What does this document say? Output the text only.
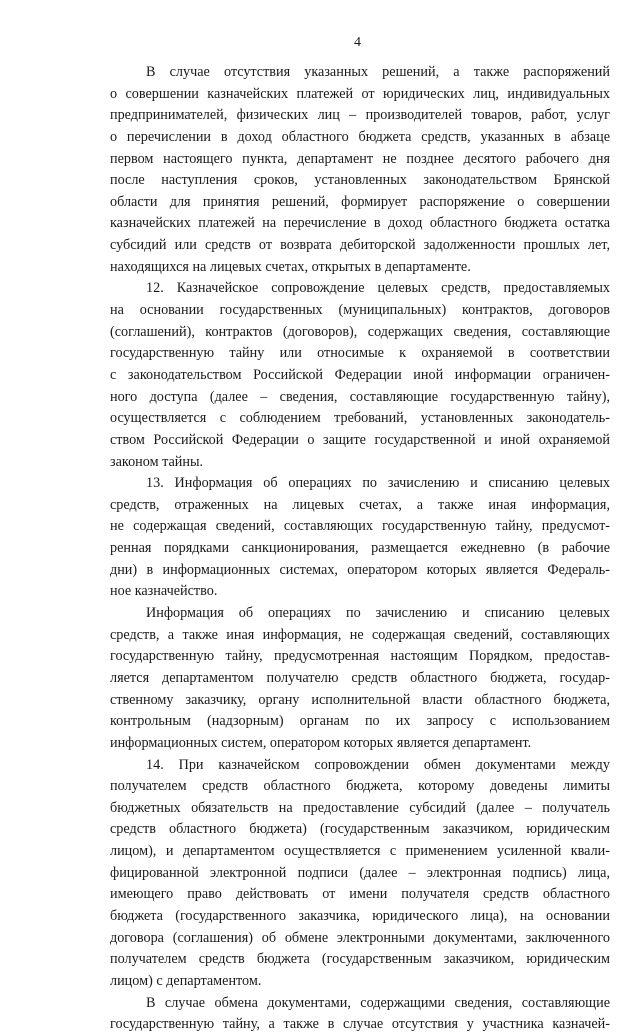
4
В случае отсутствия указанных решений, а также распоряжений
о совершении казначейских платежей от юридических лиц, индивидуальных
предпринимателей, физических лиц – производителей товаров, работ, услуг
о перечислении в доход областного бюджета средств, указанных в абзаце
первом настоящего пункта, департамент не позднее десятого рабочего дня
после наступления сроков, установленных законодательством Брянской
области для принятия решений, формирует распоряжение о совершении
казначейских платежей на перечисление в доход областного бюджета остатка
субсидий или средств от возврата дебиторской задолженности прошлых лет,
находящихся на лицевых счетах, открытых в департаменте.
12. Казначейское сопровождение целевых средств, предоставляемых
на основании государственных (муниципальных) контрактов, договоров
(соглашений), контрактов (договоров), содержащих сведения, составляющие
государственную тайну или относимые к охраняемой в соответствии
с законодательством Российской Федерации иной информации ограничен-
ного доступа (далее – сведения, составляющие государственную тайну),
осуществляется с соблюдением требований, установленных законодатель-
ством Российской Федерации о защите государственной и иной охраняемой
законом тайны.
13. Информация об операциях по зачислению и списанию целевых
средств, отраженных на лицевых счетах, а также иная информация,
не содержащая сведений, составляющих государственную тайну, предусмот-
ренная порядками санкционирования, размещается ежедневно (в рабочие
дни) в информационных системах, оператором которых является Федераль-
ное казначейство.
Информация об операциях по зачислению и списанию целевых
средств, а также иная информация, не содержащая сведений, составляющих
государственную тайну, предусмотренная настоящим Порядком, предостав-
ляется департаментом получателю средств областного бюджета, государ-
ственному заказчику, органу исполнительной власти областного бюджета,
контрольным (надзорным) органам по их запросу с использованием
информационных систем, оператором которых является департамент.
14. При казначейском сопровождении обмен документами между
получателем средств областного бюджета, которому доведены лимиты
бюджетных обязательств на предоставление субсидий (далее – получатель
средств областного бюджета) (государственным заказчиком, юридическим
лицом), и департаментом осуществляется с применением усиленной квали-
фицированной электронной подписи (далее – электронная подпись) лица,
имеющего право действовать от имени получателя средств областного
бюджета (государственного заказчика, юридического лица), на основании
договора (соглашения) об обмене электронными документами, заключенного
получателем средств бюджета (государственным заказчиком, юридическим
лицом) с департаментом.
В случае обмена документами, содержащими сведения, составляющие
государственную тайну, а также в случае отсутствия у участника казначей-
